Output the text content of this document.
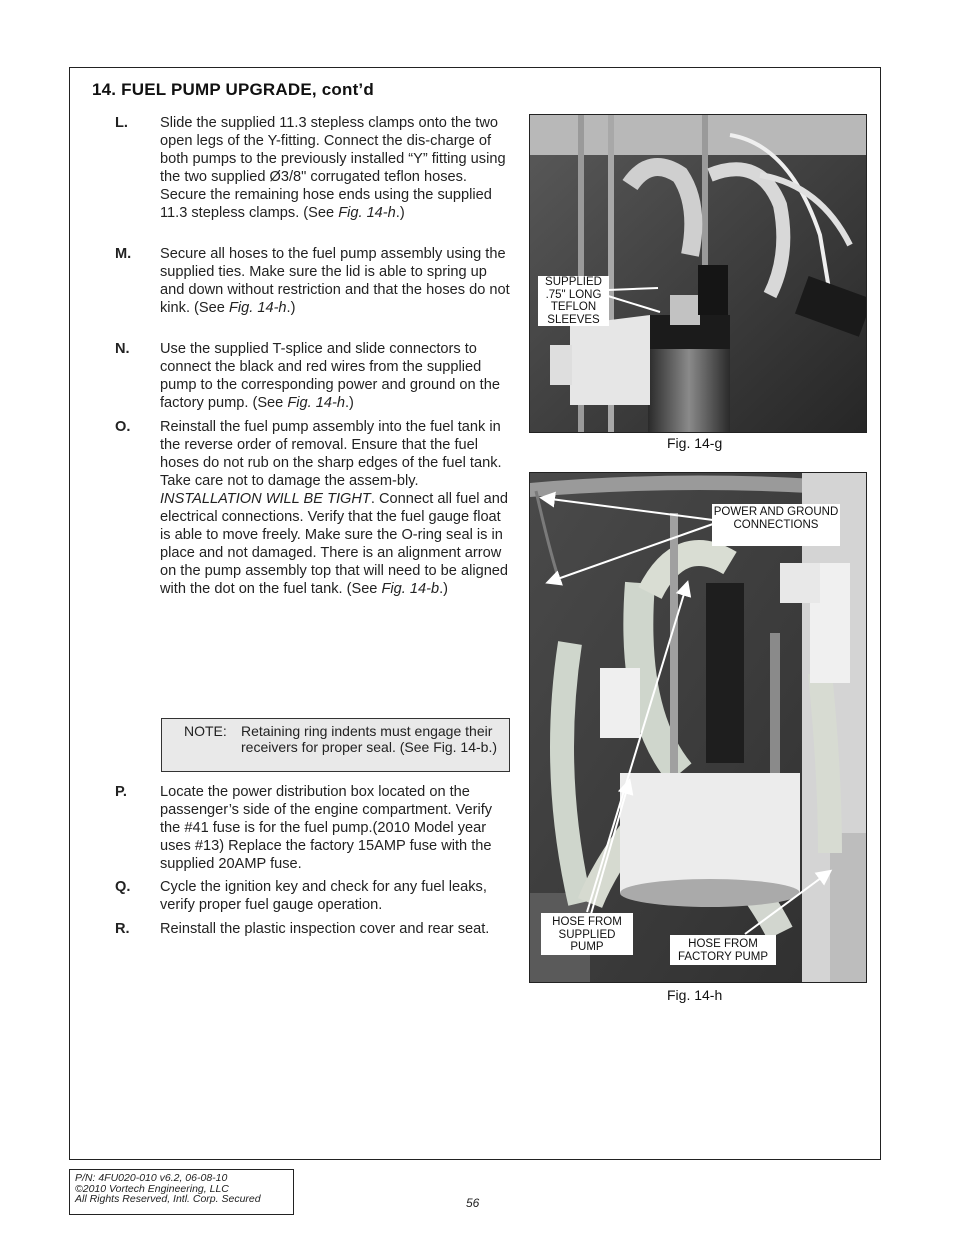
14. FUEL PUMP UPGRADE, cont’d
L. Slide the supplied 11.3 stepless clamps onto the two open legs of the Y-fitting. Connect the dis-charge of both pumps to the previously installed “Y” fitting using the two supplied Ø3/8" corrugated teflon hoses. Secure the remaining hose ends using the supplied 11.3 stepless clamps. (See Fig. 14-h.)
M. Secure all hoses to the fuel pump assembly using the supplied ties. Make sure the lid is able to spring up and down without restriction and that the hoses do not kink. (See Fig. 14-h.)
N. Use the supplied T-splice and slide connectors to connect the black and red wires from the supplied pump to the corresponding power and ground on the factory pump. (See Fig. 14-h.)
O. Reinstall the fuel pump assembly into the fuel tank in the reverse order of removal. Ensure that the fuel hoses do not rub on the sharp edges of the fuel tank. Take care not to damage the assem-bly. INSTALLATION WILL BE TIGHT. Connect all fuel and electrical connections. Verify that the fuel gauge float is able to move freely. Make sure the O-ring seal is in place and not damaged. There is an alignment arrow on the pump assembly top that will need to be aligned with the dot on the fuel tank. (See Fig. 14-b.)
NOTE: Retaining ring indents must engage their receivers for proper seal. (See Fig. 14-b.)
P. Locate the power distribution box located on the passenger’s side of the engine compartment. Verify the #41 fuse is for the fuel pump.(2010 Model year uses #13) Replace the factory 15AMP fuse with the supplied 20AMP fuse.
Q. Cycle the ignition key and check for any fuel leaks, verify proper fuel gauge operation.
R. Reinstall the plastic inspection cover and rear seat.
SUPPLIED .75" LONG TEFLON SLEEVES
Fig. 14-g
POWER AND GROUND CONNECTIONS
HOSE FROM SUPPLIED PUMP	HOSE FROM FACTORY PUMP
Fig. 14-h
P/N: 4FU020-010 v6.2, 06-08-10
©2010 Vortech Engineering, LLC
All Rights Reserved, Intl. Corp. Secured	56
